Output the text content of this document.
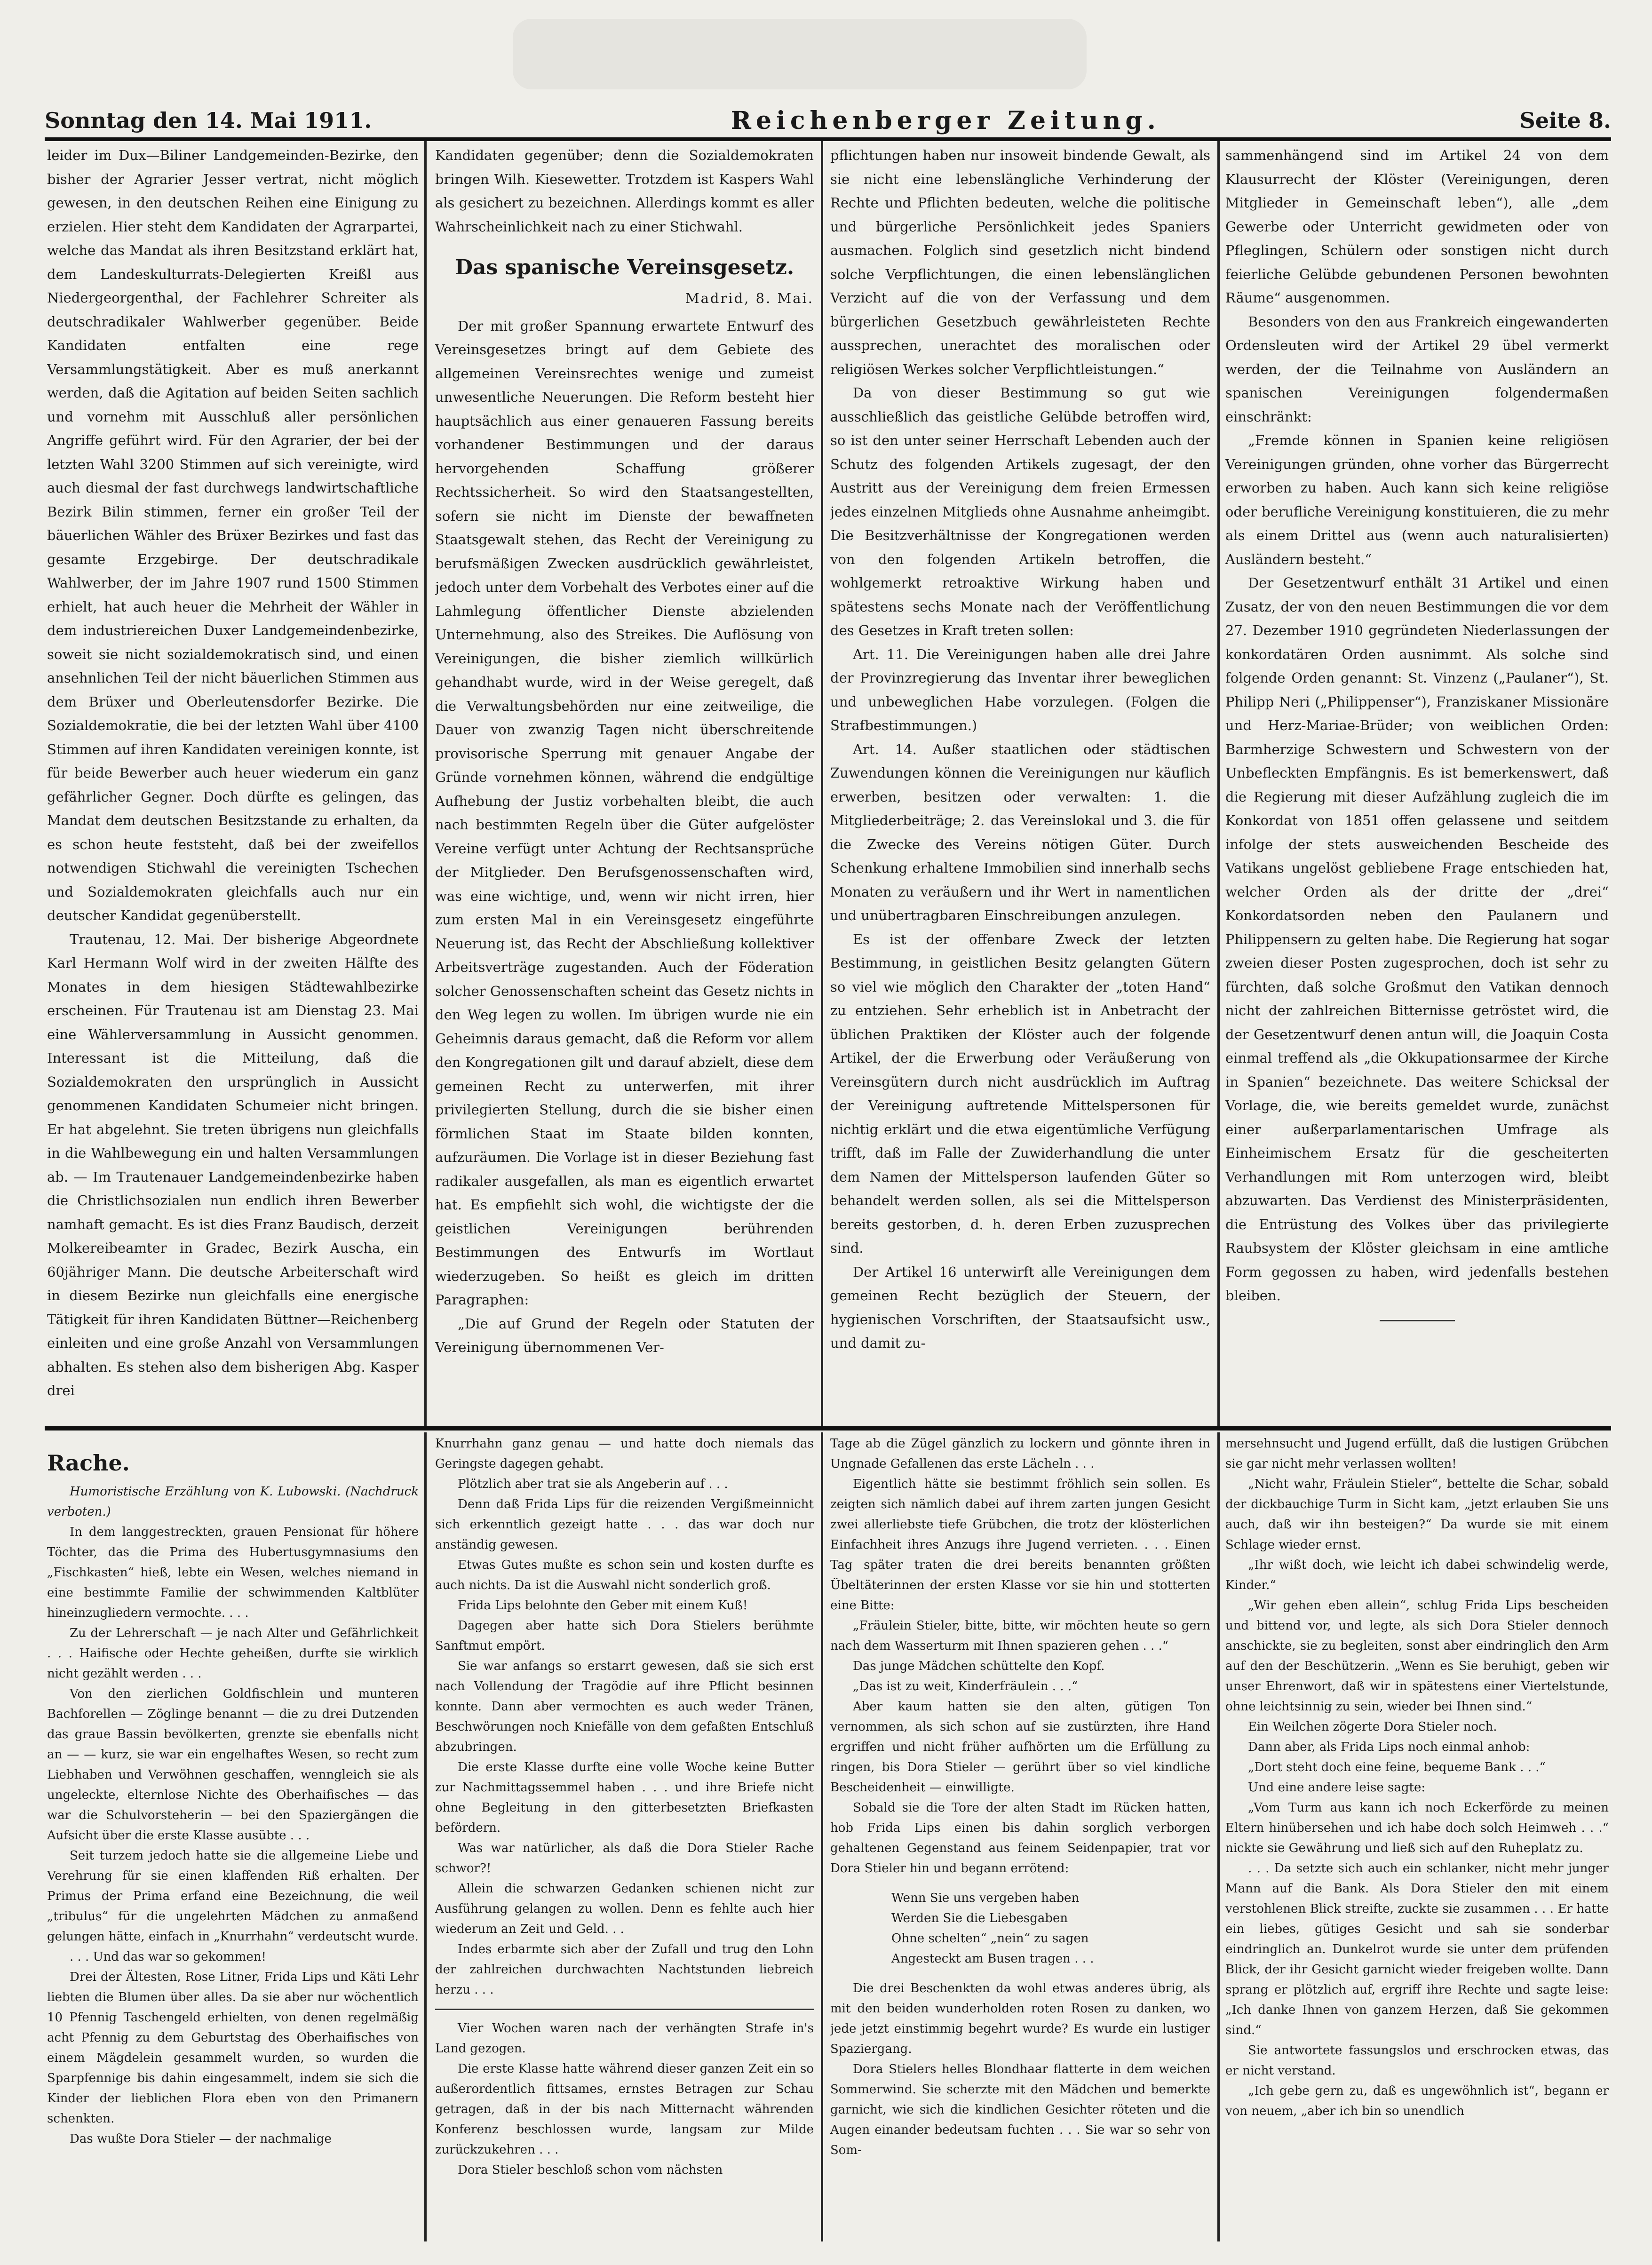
Sonntag den 14. Mai 1911.	Reichenberger Zeitung.	Seite 8.

leider im Dux—Biliner Landgemeinden-Bezirke, den bisher der Agrarier Jesser vertrat, nicht möglich gewesen, in den deutschen Reihen eine Einigung zu erzielen. Hier steht dem Kandidaten der Agrarpartei, welche das Mandat als ihren Besitzstand erklärt hat, dem Landeskulturrats-Delegierten Kreißl aus Niedergeorgenthal, der Fachlehrer Schreiter als deutschradikaler Wahlwerber gegenüber. Beide Kandidaten entfalten eine rege Versammlungstätigkeit. Aber es muß anerkannt werden, daß die Agitation auf beiden Seiten sachlich und vornehm mit Ausschluß aller persönlichen Angriffe geführt wird. Für den Agrarier, der bei der letzten Wahl 3200 Stimmen auf sich vereinigte, wird auch diesmal der fast durchwegs landwirtschaftliche Bezirk Bilin stimmen, ferner ein großer Teil der bäuerlichen Wähler des Brüxer Bezirkes und fast das gesamte Erzgebirge. Der deutschradikale Wahlwerber, der im Jahre 1907 rund 1500 Stimmen erhielt, hat auch heuer die Mehrheit der Wähler in dem industriereichen Duxer Landgemeindenbezirke, soweit sie nicht sozialdemokratisch sind, und einen ansehnlichen Teil der nicht bäuerlichen Stimmen aus dem Brüxer und Oberleutensdorfer Bezirke. Die Sozialdemokratie, die bei der letzten Wahl über 4100 Stimmen auf ihren Kandidaten vereinigen konnte, ist für beide Bewerber auch heuer wiederum ein ganz gefährlicher Gegner. Doch dürfte es gelingen, das Mandat dem deutschen Besitzstande zu erhalten, da es schon heute feststeht, daß bei der zweifellos notwendigen Stichwahl die vereinigten Tschechen und Sozialdemokraten gleichfalls auch nur ein deutscher Kandidat gegenüberstellt.

Trautenau, 12. Mai. Der bisherige Abgeordnete Karl Hermann Wolf wird in der zweiten Hälfte des Monates in dem hiesigen Städtewahlbezirke erscheinen. Für Trautenau ist am Dienstag 23. Mai eine Wählerversammlung in Aussicht genommen. Interessant ist die Mitteilung, daß die Sozialdemokraten den ursprünglich in Aussicht genommenen Kandidaten Schumeier nicht bringen. Er hat abgelehnt. Sie treten übrigens nun gleichfalls in die Wahlbewegung ein und halten Versammlungen ab. — Im Trautenauer Landgemeindenbezirke haben die Christlichsozialen nun endlich ihren Bewerber namhaft gemacht. Es ist dies Franz Baudisch, derzeit Molkereibeamter in Gradec, Bezirk Auscha, ein 60jähriger Mann. Die deutsche Arbeiterschaft wird in diesem Bezirke nun gleichfalls eine energische Tätigkeit für ihren Kandidaten Büttner—Reichenberg einleiten und eine große Anzahl von Versammlungen abhalten. Es stehen also dem bisherigen Abg. Kasper drei

Kandidaten gegenüber; denn die Sozialdemokraten bringen Wilh. Kiesewetter. Trotzdem ist Kaspers Wahl als gesichert zu bezeichnen. Allerdings kommt es aller Wahrscheinlichkeit nach zu einer Stichwahl.

Das spanische Vereinsgesetz.
Madrid, 8. Mai.

Der mit großer Spannung erwartete Entwurf des Vereinsgesetzes bringt auf dem Gebiete des allgemeinen Vereinsrechtes wenige und zumeist unwesentliche Neuerungen. Die Reform besteht hier hauptsächlich aus einer genaueren Fassung bereits vorhandener Bestimmungen und der daraus hervorgehenden Schaffung größerer Rechtssicherheit. So wird den Staatsangestellten, sofern sie nicht im Dienste der bewaffneten Staatsgewalt stehen, das Recht der Vereinigung zu berufsmäßigen Zwecken ausdrücklich gewährleistet, jedoch unter dem Vorbehalt des Verbotes einer auf die Lahmlegung öffentlicher Dienste abzielenden Unternehmung, also des Streikes. Die Auflösung von Vereinigungen, die bisher ziemlich willkürlich gehandhabt wurde, wird in der Weise geregelt, daß die Verwaltungsbehörden nur eine zeitweilige, die Dauer von zwanzig Tagen nicht überschreitende provisorische Sperrung mit genauer Angabe der Gründe vornehmen können, während die endgültige Aufhebung der Justiz vorbehalten bleibt, die auch nach bestimmten Regeln über die Güter aufgelöster Vereine verfügt unter Achtung der Rechtsansprüche der Mitglieder. Den Berufsgenossenschaften wird, was eine wichtige, und, wenn wir nicht irren, hier zum ersten Mal in ein Vereinsgesetz eingeführte Neuerung ist, das Recht der Abschließung kollektiver Arbeitsverträge zugestanden. Auch der Föderation solcher Genossenschaften scheint das Gesetz nichts in den Weg legen zu wollen. Im übrigen wurde nie ein Geheimnis daraus gemacht, daß die Reform vor allem den Kongregationen gilt und darauf abzielt, diese dem gemeinen Recht zu unterwerfen, mit ihrer privilegierten Stellung, durch die sie bisher einen förmlichen Staat im Staate bilden konnten, aufzuräumen. Die Vorlage ist in dieser Beziehung fast radikaler ausgefallen, als man es eigentlich erwartet hat. Es empfiehlt sich wohl, die wichtigste der die geistlichen Vereinigungen berührenden Bestimmungen des Entwurfs im Wortlaut wiederzugeben. So heißt es gleich im dritten Paragraphen:

„Die auf Grund der Regeln oder Statuten der Vereinigung übernommenen Ver-

pflichtungen haben nur insoweit bindende Gewalt, als sie nicht eine lebenslängliche Verhinderung der Rechte und Pflichten bedeuten, welche die politische und bürgerliche Persönlichkeit jedes Spaniers ausmachen. Folglich sind gesetzlich nicht bindend solche Verpflichtungen, die einen lebenslänglichen Verzicht auf die von der Verfassung und dem bürgerlichen Gesetzbuch gewährleisteten Rechte aussprechen, unerachtet des moralischen oder religiösen Werkes solcher Verpflichtleistungen.“

Da von dieser Bestimmung so gut wie ausschließlich das geistliche Gelübde betroffen wird, so ist den unter seiner Herrschaft Lebenden auch der Schutz des folgenden Artikels zugesagt, der den Austritt aus der Vereinigung dem freien Ermessen jedes einzelnen Mitglieds ohne Ausnahme anheimgibt. Die Besitzverhältnisse der Kongregationen werden von den folgenden Artikeln betroffen, die wohlgemerkt retroaktive Wirkung haben und spätestens sechs Monate nach der Veröffentlichung des Gesetzes in Kraft treten sollen:

Art. 11. Die Vereinigungen haben alle drei Jahre der Provinzregierung das Inventar ihrer beweglichen und unbeweglichen Habe vorzulegen. (Folgen die Strafbestimmungen.)

Art. 14. Außer staatlichen oder städtischen Zuwendungen können die Vereinigungen nur käuflich erwerben, besitzen oder verwalten: 1. die Mitgliederbeiträge; 2. das Vereinslokal und 3. die für die Zwecke des Vereins nötigen Güter. Durch Schenkung erhaltene Immobilien sind innerhalb sechs Monaten zu veräußern und ihr Wert in namentlichen und unübertragbaren Einschreibungen anzulegen.

Es ist der offenbare Zweck der letzten Bestimmung, in geistlichen Besitz gelangten Gütern so viel wie möglich den Charakter der „toten Hand“ zu entziehen. Sehr erheblich ist in Anbetracht der üblichen Praktiken der Klöster auch der folgende Artikel, der die Erwerbung oder Veräußerung von Vereinsgütern durch nicht ausdrücklich im Auftrag der Vereinigung auftretende Mittelspersonen für nichtig erklärt und die etwa eigentümliche Verfügung trifft, daß im Falle der Zuwiderhandlung die unter dem Namen der Mittelsperson laufenden Güter so behandelt werden sollen, als sei die Mittelsperson bereits gestorben, d. h. deren Erben zuzusprechen sind.

Der Artikel 16 unterwirft alle Vereinigungen dem gemeinen Recht bezüglich der Steuern, der hygienischen Vorschriften, der Staatsaufsicht usw., und damit zu-

sammenhängend sind im Artikel 24 von dem Klausurrecht der Klöster (Vereinigungen, deren Mitglieder in Gemeinschaft leben“), alle „dem Gewerbe oder Unterricht gewidmeten oder von Pfleglingen, Schülern oder sonstigen nicht durch feierliche Gelübde gebundenen Personen bewohnten Räume“ ausgenommen.

Besonders von den aus Frankreich eingewanderten Ordensleuten wird der Artikel 29 übel vermerkt werden, der die Teilnahme von Ausländern an spanischen Vereinigungen folgendermaßen einschränkt:

„Fremde können in Spanien keine religiösen Vereinigungen gründen, ohne vorher das Bürgerrecht erworben zu haben. Auch kann sich keine religiöse oder berufliche Vereinigung konstituieren, die zu mehr als einem Drittel aus (wenn auch naturalisierten) Ausländern besteht.“

Der Gesetzentwurf enthält 31 Artikel und einen Zusatz, der von den neuen Bestimmungen die vor dem 27. Dezember 1910 gegründeten Niederlassungen der konkordatären Orden ausnimmt. Als solche sind folgende Orden genannt: St. Vinzenz („Paulaner“), St. Philipp Neri („Philippenser“), Franziskaner Missionäre und Herz-Mariae-Brüder; von weiblichen Orden: Barmherzige Schwestern und Schwestern von der Unbefleckten Empfängnis. Es ist bemerkenswert, daß die Regierung mit dieser Aufzählung zugleich die im Konkordat von 1851 offen gelassene und seitdem infolge der stets ausweichenden Bescheide des Vatikans ungelöst gebliebene Frage entschieden hat, welcher Orden als der dritte der „drei“ Konkordatsorden neben den Paulanern und Philippensern zu gelten habe. Die Regierung hat sogar zweien dieser Posten zugesprochen, doch ist sehr zu fürchten, daß solche Großmut den Vatikan dennoch nicht der zahlreichen Bitternisse getröstet wird, die der Gesetzentwurf denen antun will, die Joaquin Costa einmal treffend als „die Okkupationsarmee der Kirche in Spanien“ bezeichnete. Das weitere Schicksal der Vorlage, die, wie bereits gemeldet wurde, zunächst einer außerparlamentarischen Umfrage als Einheimischem Ersatz für die gescheiterten Verhandlungen mit Rom unterzogen wird, bleibt abzuwarten. Das Verdienst des Ministerpräsidenten, die Entrüstung des Volkes über das privilegierte Raubsystem der Klöster gleichsam in eine amtliche Form gegossen zu haben, wird jedenfalls bestehen bleiben.

Rache.

Humoristische Erzählung von K. Lubowski. (Nachdruck verboten.)

In dem langgestreckten, grauen Pensionat für höhere Töchter, das die Prima des Hubertusgymnasiums den „Fischkasten“ hieß, lebte ein Wesen, welches niemand in eine bestimmte Familie der schwimmenden Kaltblüter hineinzugliedern vermochte. . . .

Zu der Lehrerschaft — je nach Alter und Gefährlichkeit . . . Haifische oder Hechte geheißen, durfte sie wirklich nicht gezählt werden . . .

Von den zierlichen Goldfischlein und munteren Bachforellen — Zöglinge benannt — die zu drei Dutzenden das graue Bassin bevölkerten, grenzte sie ebenfalls nicht an — — kurz, sie war ein engelhaftes Wesen, so recht zum Liebhaben und Verwöhnen geschaffen, wenngleich sie als ungeleckte, elternlose Nichte des Oberhaifisches — das war die Schulvorsteherin — bei den Spaziergängen die Aufsicht über die erste Klasse ausübte . . .

Seit turzem jedoch hatte sie die allgemeine Liebe und Verehrung für sie einen klaffenden Riß erhalten. Der Primus der Prima erfand eine Bezeichnung, die weil „tribulus“ für die ungelehrten Mädchen zu anmaßend gelungen hätte, einfach in „Knurrhahn“ verdeutscht wurde.

. . . Und das war so gekommen!

Drei der Ältesten, Rose Litner, Frida Lips und Käti Lehr liebten die Blumen über alles. Da sie aber nur wöchentlich 10 Pfennig Taschengeld erhielten, von denen regelmäßig acht Pfennig zu dem Geburtstag des Oberhaifisches von einem Mägdelein gesammelt wurden, so wurden die Sparpfennige bis dahin eingesammelt, indem sie sich die Kinder der lieblichen Flora eben von den Primanern schenkten.

Das wußte Dora Stieler — der nachmalige

Knurrhahn ganz genau — und hatte doch niemals das Geringste dagegen gehabt.

Plötzlich aber trat sie als Angeberin auf . . .

Denn daß Frida Lips für die reizenden Vergißmeinnicht sich erkenntlich gezeigt hatte . . . das war doch nur anständig gewesen.

Etwas Gutes mußte es schon sein und kosten durfte es auch nichts. Da ist die Auswahl nicht sonderlich groß.

Frida Lips belohnte den Geber mit einem Kuß!

Dagegen aber hatte sich Dora Stielers berühmte Sanftmut empört.

Sie war anfangs so erstarrt gewesen, daß sie sich erst nach Vollendung der Tragödie auf ihre Pflicht besinnen konnte. Dann aber vermochten es auch weder Tränen, Beschwörungen noch Kniefälle von dem gefaßten Entschluß abzubringen.

Die erste Klasse durfte eine volle Woche keine Butter zur Nachmittagssemmel haben . . . und ihre Briefe nicht ohne Begleitung in den gitterbesetzten Briefkasten befördern.

Was war natürlicher, als daß die Dora Stieler Rache schwor?!

Allein die schwarzen Gedanken schienen nicht zur Ausführung gelangen zu wollen. Denn es fehlte auch hier wiederum an Zeit und Geld. . .

Indes erbarmte sich aber der Zufall und trug den Lohn der zahlreichen durchwachten Nachtstunden liebreich herzu . . .

Vier Wochen waren nach der verhängten Strafe in's Land gezogen.

Die erste Klasse hatte während dieser ganzen Zeit ein so außerordentlich fittsames, ernstes Betragen zur Schau getragen, daß in der bis nach Mitternacht währenden Konferenz beschlossen wurde, langsam zur Milde zurückzukehren . . .

Dora Stieler beschloß schon vom nächsten

Tage ab die Zügel gänzlich zu lockern und gönnte ihren in Ungnade Gefallenen das erste Lächeln . . .

Eigentlich hätte sie bestimmt fröhlich sein sollen. Es zeigten sich nämlich dabei auf ihrem zarten jungen Gesicht zwei allerliebste tiefe Grübchen, die trotz der klösterlichen Einfachheit ihres Anzugs ihre Jugend verrieten. . . . Einen Tag später traten die drei bereits benannten größten Übeltäterinnen der ersten Klasse vor sie hin und stotterten eine Bitte:

„Fräulein Stieler, bitte, bitte, wir möchten heute so gern nach dem Wasserturm mit Ihnen spazieren gehen . . .“

Das junge Mädchen schüttelte den Kopf.

„Das ist zu weit, Kinderfräulein . . .“

Aber kaum hatten sie den alten, gütigen Ton vernommen, als sich schon auf sie zustürzten, ihre Hand ergriffen und nicht früher aufhörten um die Erfüllung zu ringen, bis Dora Stieler — gerührt über so viel kindliche Bescheidenheit — einwilligte.

Sobald sie die Tore der alten Stadt im Rücken hatten, hob Frida Lips einen bis dahin sorglich verborgen gehaltenen Gegenstand aus feinem Seidenpapier, trat vor Dora Stieler hin und begann errötend:

Wenn Sie uns vergeben haben
Werden Sie die Liebesgaben
Ohne schelten“ „nein“ zu sagen
Angesteckt am Busen tragen . . .

Die drei Beschenkten da wohl etwas anderes übrig, als mit den beiden wunderholden roten Rosen zu danken, wo jede jetzt einstimmig begehrt wurde? Es wurde ein lustiger Spaziergang.

Dora Stielers helles Blondhaar flatterte in dem weichen Sommerwind. Sie scherzte mit den Mädchen und bemerkte garnicht, wie sich die kindlichen Gesichter röteten und die Augen einander bedeutsam fuchten . . . Sie war so sehr von Som-

mersehnsucht und Jugend erfüllt, daß die lustigen Grübchen sie gar nicht mehr verlassen wollten!

„Nicht wahr, Fräulein Stieler“, bettelte die Schar, sobald der dickbauchige Turm in Sicht kam, „jetzt erlauben Sie uns auch, daß wir ihn besteigen?“ Da wurde sie mit einem Schlage wieder ernst.

„Ihr wißt doch, wie leicht ich dabei schwindelig werde, Kinder.“

„Wir gehen eben allein“, schlug Frida Lips bescheiden und bittend vor, und legte, als sich Dora Stieler dennoch anschickte, sie zu begleiten, sonst aber eindringlich den Arm auf den der Beschützerin. „Wenn es Sie beruhigt, geben wir unser Ehrenwort, daß wir in spätestens einer Viertelstunde, ohne leichtsinnig zu sein, wieder bei Ihnen sind.“

Ein Weilchen zögerte Dora Stieler noch.

Dann aber, als Frida Lips noch einmal anhob:

„Dort steht doch eine feine, bequeme Bank . . .“

Und eine andere leise sagte:

„Vom Turm aus kann ich noch Eckerförde zu meinen Eltern hinübersehen und ich habe doch solch Heimweh . . .“ nickte sie Gewährung und ließ sich auf den Ruheplatz zu.

. . . Da setzte sich auch ein schlanker, nicht mehr junger Mann auf die Bank. Als Dora Stieler den mit einem verstohlenen Blick streifte, zuckte sie zusammen . . . Er hatte ein liebes, gütiges Gesicht und sah sie sonderbar eindringlich an. Dunkelrot wurde sie unter dem prüfenden Blick, der ihr Gesicht garnicht wieder freigeben wollte. Dann sprang er plötzlich auf, ergriff ihre Rechte und sagte leise: „Ich danke Ihnen von ganzem Herzen, daß Sie gekommen sind.“

Sie antwortete fassungslos und erschrocken etwas, das er nicht verstand.

„Ich gebe gern zu, daß es ungewöhnlich ist“, begann er von neuem, „aber ich bin so unendlich
